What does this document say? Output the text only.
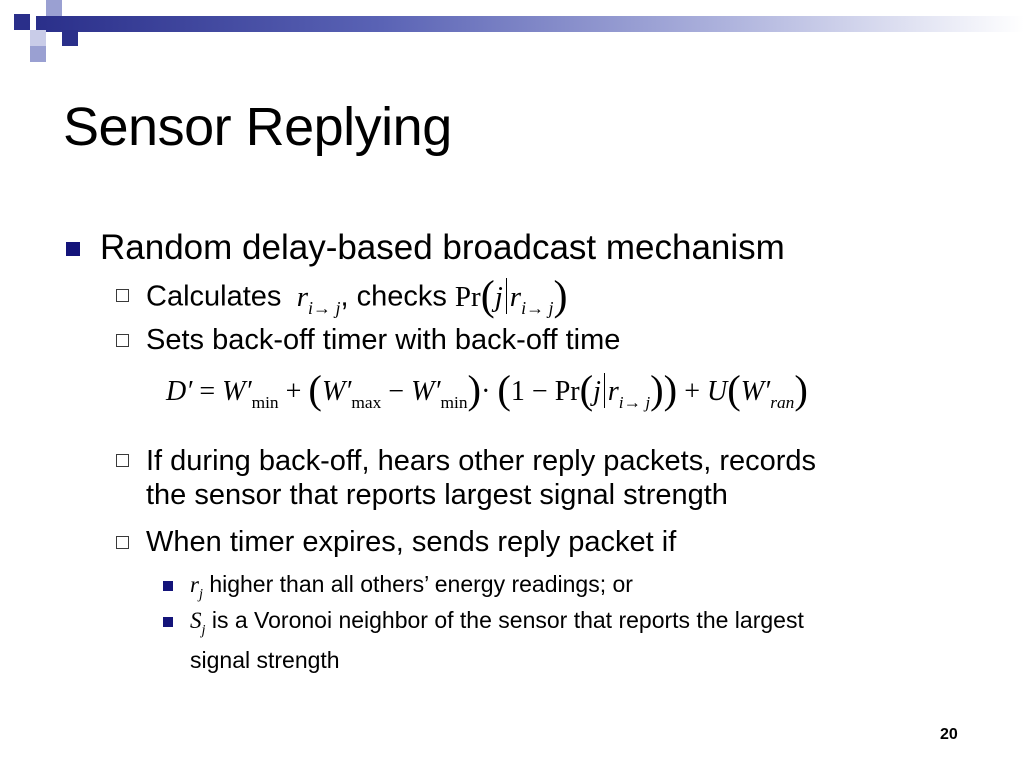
Sensor Replying
Random delay-based broadcast mechanism
Calculates  $r_{i\to j}$, checks Pr(j $r_{i\to j}$)
Sets back-off timer with back-off time
$D' = W'_{min} + (W'_{max} - W'_{min})\cdot (1 - Pr(j$ $r_{i\to j})) + U(W'_{ran})$
If during back-off, hears other reply packets, records
the sensor that reports largest signal strength
When timer expires, sends reply packet if
$r_j$ higher than all others’ energy readings; or
$S_j$ is a Voronoi neighbor of the sensor that reports the largest
signal strength
20
